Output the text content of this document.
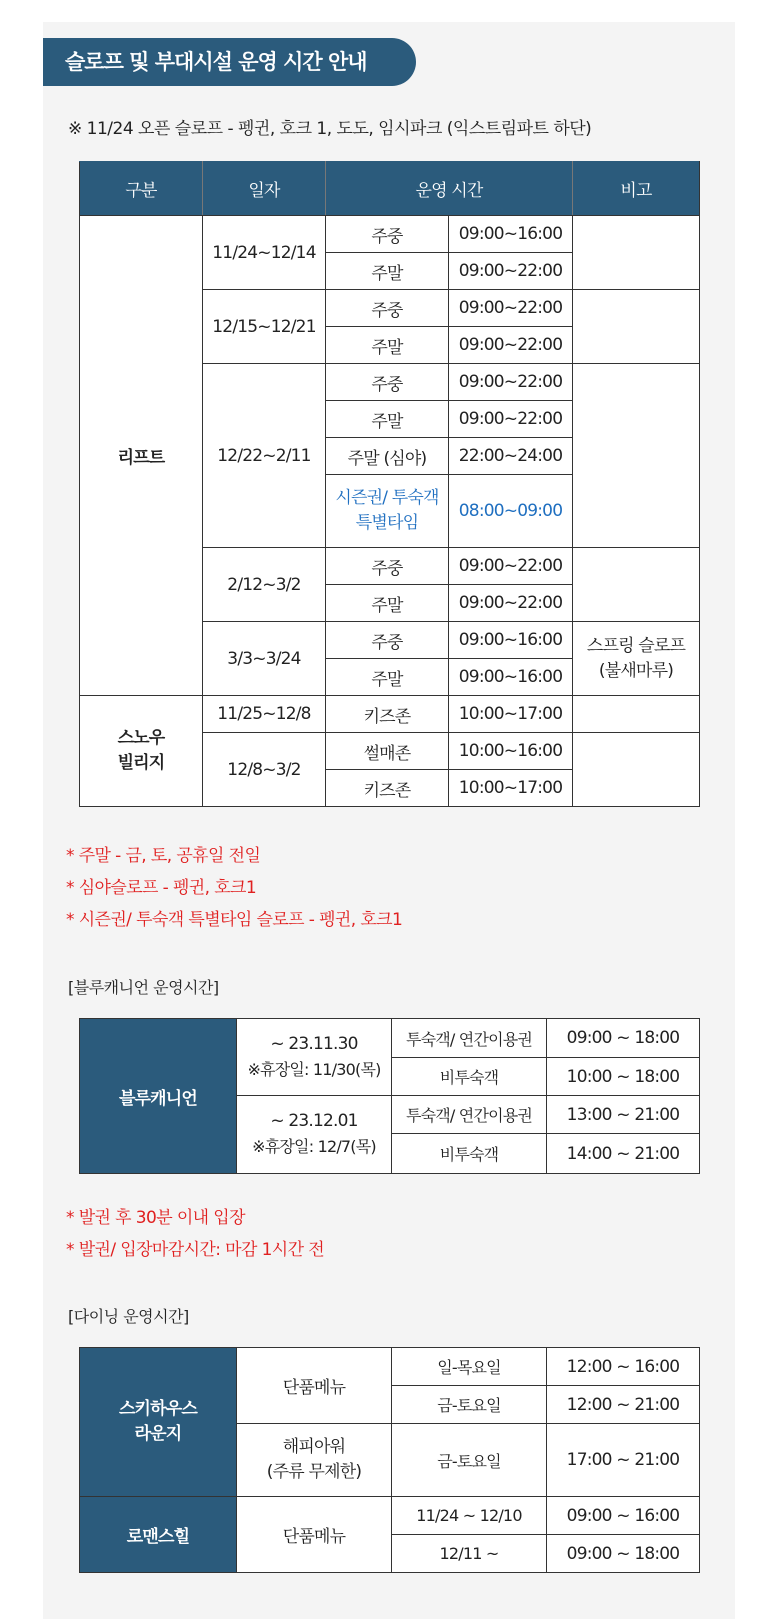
슬로프 및 부대시설 운영 시간 안내
※ 11/24 오픈 슬로프 - 펭귄, 호크 1, 도도, 임시파크 (익스트림파트 하단)
구분	일자	운영 시간		비고
리프트	11/24~12/14	주중	09:00~16:00	
		주말	09:00~22:00	
	12/15~12/21	주중	09:00~22:00	
		주말	09:00~22:00	
	12/22~2/11	주중	09:00~22:00	
		주말	09:00~22:00	
		주말 (심야)	22:00~24:00	
		시즌권/ 투숙객
특별타임	08:00~09:00	
	2/12~3/2	주중	09:00~22:00	
		주말	09:00~22:00	
	3/3~3/24	주중	09:00~16:00	스프링 슬로프
(불새마루)
		주말	09:00~16:00	
스노우
빌리지	11/25~12/8	키즈존	10:00~17:00	
	12/8~3/2	썰매존	10:00~16:00	
		키즈존	10:00~17:00	
* 주말 - 금, 토, 공휴일 전일
* 심야슬로프 - 펭귄, 호크1
* 시즌권/ 투숙객 특별타임 슬로프 - 펭귄, 호크1
[블루캐니언 운영시간]
블루캐니언	~ 23.11.30
※휴장일: 11/30(목)	투숙객/ 연간이용권	09:00 ~ 18:00
		비투숙객	10:00 ~ 18:00
	~ 23.12.01
※휴장일: 12/7(목)	투숙객/ 연간이용권	13:00 ~ 21:00
		비투숙객	14:00 ~ 21:00
* 발권 후 30분 이내 입장
* 발권/ 입장마감시간: 마감 1시간 전
[다이닝 운영시간]
스키하우스
라운지	단품메뉴	일-목요일	12:00 ~ 16:00
		금-토요일	12:00 ~ 21:00
	해피아워
(주류 무제한)	금-토요일	17:00 ~ 21:00
로맨스힐	단품메뉴	11/24 ~ 12/10	09:00 ~ 16:00
		12/11 ~	09:00 ~ 18:00
